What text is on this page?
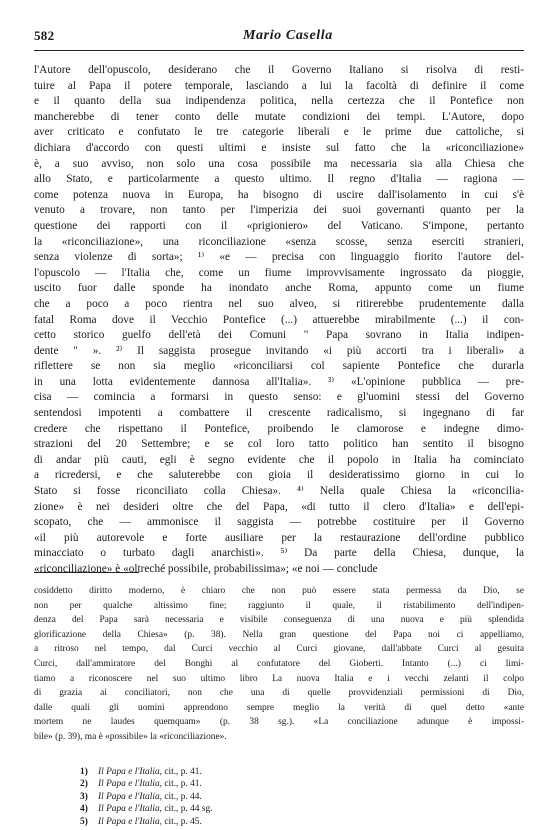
582	Mario Casella
l'Autore dell'opuscolo, desiderano che il Governo Italiano si risolva di resti-
tuire al Papa il potere temporale, lasciando a lui la facoltà di definire il come
e il quanto della sua indipendenza politica, nella certezza che il Pontefice non
mancherebbe di tener conto delle mutate condizioni dei tempi. L'Autore, dopo
aver criticato e confutato le tre categorie liberali e le prime due cattoliche, si
dichiara d'accordo con questi ultimi e insiste sul fatto che la «riconciliazione»
è, a suo avviso, non solo una cosa possibile ma necessaria sia alla Chiesa che
allo Stato, e particolarmente a questo ultimo. Il regno d'Italia — ragiona —
come potenza nuova in Europa, ha bisogno di uscire dall'isolamento in cui s'è
venuto a trovare, non tanto per l'imperizia dei suoi governanti quanto per la
questione dei rapporti con il «prigioniero» del Vaticano. S'impone, pertanto
la «riconciliazione», una riconciliazione «senza scosse, senza eserciti stranieri,
senza violenze di sorta»; ¹⁾ «e — precisa con linguaggio fiorito l'autore del-
l'opuscolo — l'Italia che, come un fiume improvvisamente ingrossato da pioggie,
uscito fuor dalle sponde ha inondato anche Roma, appunto come un fiume
che a poco a poco rientra nel suo alveo, si ritirerebbe prudentemente dalla
fatal Roma dove il Vecchio Pontefice (...) attuerebbe mirabilmente (...) il con-
cetto storico guelfo dell'età dei Comuni " Papa sovrano in Italia indipen-
dente " ». ²⁾ Il saggista prosegue invitando «i più accorti tra i liberali» a
riflettere se non sia meglio «riconciliarsi col sapiente Pontefice che durarla
in una lotta evidentemente dannosa all'Italia». ³⁾ «L'opinione pubblica — pre-
cisa — comincia a formarsi in questo senso: e gl'uomini stessi del Governo
sentendosi impotenti a combattere il crescente radicalismo, si ingegnano di far
credere che rispettano il Pontefice, proibendo le clamorose e indegne dimo-
strazioni del 20 Settembre; e se col loro tatto politico han sentito il bisogno
di andar più cauti, egli è segno evidente che il popolo in Italia ha cominciato
a ricredersi, e che saluterebbe con gioia il desideratissimo giorno in cui lo
Stato si fosse riconciliato colla Chiesa». ⁴⁾ Nella quale Chiesa la «riconcilia-
zione» è nei desideri oltre che del Papa, «di tutto il clero d'Italia» e dell'epi-
scopato, che — ammonisce il saggista — potrebbe costituire per il Governo
«il più autorevole e forte ausiliare per la restaurazione dell'ordine pubblico
minacciato o turbato dagli anarchisti». ⁵⁾ Da parte della Chiesa, dunque, la
«riconciliazione» è «oltreché possibile, probabilissima»; «e noi — conclude
cosiddetto diritto moderno, è chiaro che non può essere stata permessa da Dio, se
non per qualche altissimo fine; raggiunto il quale, il ristabilimento dell'indipen-
denza del Papa sarà necessaria e visibile conseguenza di una nuova e più splendida
glorificazione della Chiesa» (p. 38). Nella gran questione del Papa noi ci appelliamo,
a ritroso nel tempo, dal Curci vecchio al Curci giovane, dall'abbate Curci al gesuita
Curci, dall'ammiratore del Bonghi al confutatore del Gioberti. Intanto (...) ci limi-
tiamo a riconoscere nel suo ultimo libro La nuova Italia e i vecchi zelanti il colpo
di grazia ai conciliatori, non che una di quelle provvidenziali permissioni di Dio,
dalle quali gli uomini apprendono sempre meglio la verità di quel detto «ante
mortem ne laudes quemquam» (p. 38 sg.). «La conciliazione adunque è impossi-
bile» (p. 39), ma è «possibile» la «riconciliazione».
1) Il Papa e l'Italia, cit., p. 41.
2) Il Papa e l'Italia, cit., p. 41.
3) Il Papa e l'Italia, cit., p. 44.
4) Il Papa e l'Italia, cit., p. 44 sg.
5) Il Papa e l'Italia, cit., p. 45.
